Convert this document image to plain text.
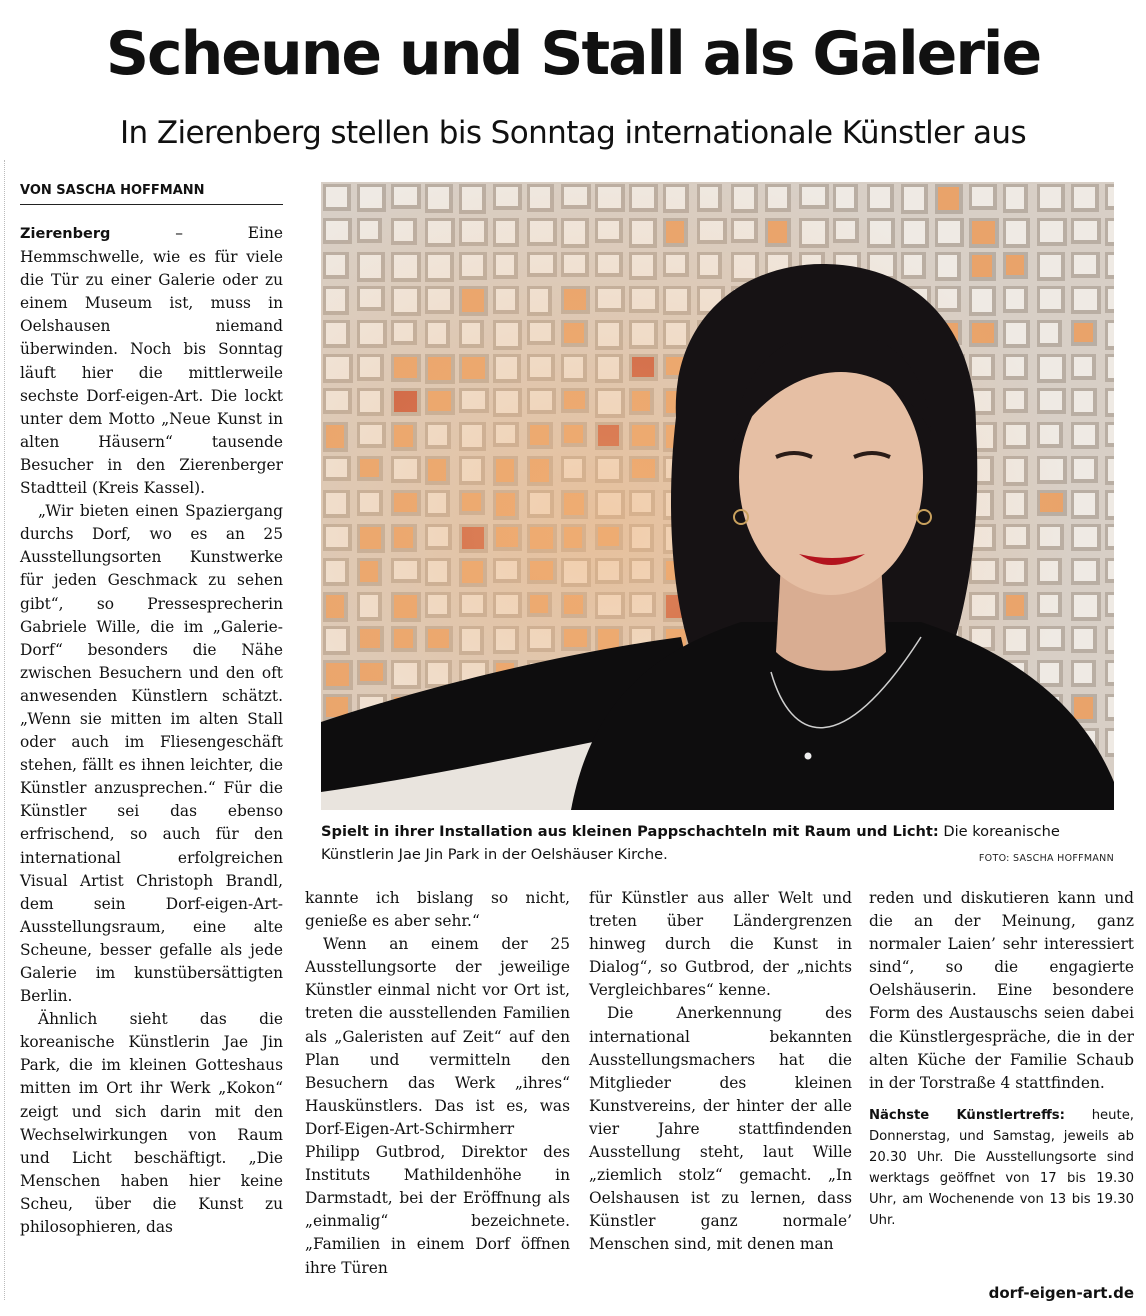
Scheune und Stall als Galerie
In Zierenberg stellen bis Sonntag internationale Künstler aus
VON SASCHA HOFFMANN
Spielt in ihrer Installation aus kleinen Pappschachteln mit Raum und Licht: Die koreanische Künstlerin Jae Jin Park in der Oelshäuser Kirche.	FOTO: SASCHA HOFFMANN

Zierenberg – Eine Hemmschwelle, wie es für viele die Tür zu einer Galerie oder zu einem Museum ist, muss in Oelshausen niemand überwinden. Noch bis Sonntag läuft hier die mittlerweile sechste Dorf-eigen-Art. Die lockt unter dem Motto „Neue Kunst in alten Häusern“ tausende Besucher in den Zierenberger Stadtteil (Kreis Kassel).

„Wir bieten einen Spaziergang durchs Dorf, wo es an 25 Ausstellungsorten Kunstwerke für jeden Geschmack zu sehen gibt“, so Pressesprecherin Gabriele Wille, die im „Galerie-Dorf“ besonders die Nähe zwischen Besuchern und den oft anwesenden Künstlern schätzt. „Wenn sie mitten im alten Stall oder auch im Fliesengeschäft stehen, fällt es ihnen leichter, die Künstler anzusprechen.“ Für die Künstler sei das ebenso erfrischend, so auch für den international erfolgreichen Visual Artist Christoph Brandl, dem sein Dorf-eigen-Art-Ausstellungsraum, eine alte Scheune, besser gefalle als jede Galerie im kunstübersättigten Berlin.

Ähnlich sieht das die koreanische Künstlerin Jae Jin Park, die im kleinen Gotteshaus mitten im Ort ihr Werk „Kokon“ zeigt und sich darin mit den Wechselwirkungen von Raum und Licht beschäftigt. „Die Menschen haben hier keine Scheu, über die Kunst zu philosophieren, das

kannte ich bislang so nicht, genieße es aber sehr.“

Wenn an einem der 25 Ausstellungsorte der jeweilige Künstler einmal nicht vor Ort ist, treten die ausstellenden Familien als „Galeristen auf Zeit“ auf den Plan und vermitteln den Besuchern das Werk „ihres“ Hauskünstlers. Das ist es, was Dorf-Eigen-Art-Schirmherr Philipp Gutbrod, Direktor des Instituts Mathildenhöhe in Darmstadt, bei der Eröffnung als „einmalig“ bezeichnete. „Familien in einem Dorf öffnen ihre Türen

für Künstler aus aller Welt und treten über Ländergrenzen hinweg durch die Kunst in Dialog“, so Gutbrod, der „nichts Vergleichbares“ kenne.

Die Anerkennung des international bekannten Ausstellungsmachers hat die Mitglieder des kleinen Kunstvereins, der hinter der alle vier Jahre stattfindenden Ausstellung steht, laut Wille „ziemlich stolz“ gemacht. „In Oelshausen ist zu lernen, dass Künstler ganz normale’ Menschen sind, mit denen man

reden und diskutieren kann und die an der Meinung, ganz normaler Laien’ sehr interessiert sind“, so die engagierte Oelshäuserin. Eine besondere Form des Austauschs seien dabei die Künstlergespräche, die in der alten Küche der Familie Schaub in der Torstraße 4 stattfinden.

Nächste Künstlertreffs: heute, Donnerstag, und Samstag, jeweils ab 20.30 Uhr. Die Ausstellungsorte sind werktags geöffnet von 17 bis 19.30 Uhr, am Wochenende von 13 bis 19.30 Uhr.

dorf-eigen-art.de
